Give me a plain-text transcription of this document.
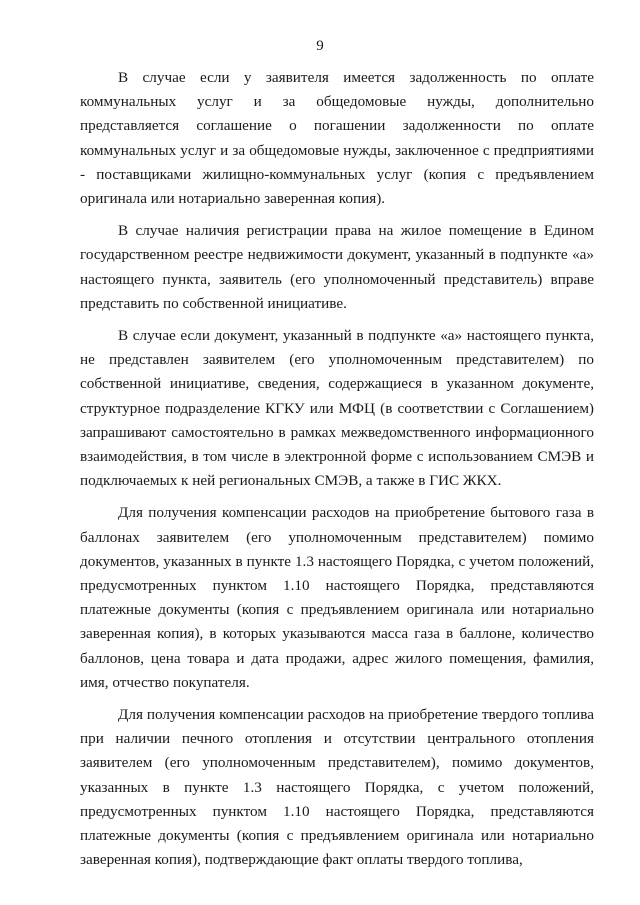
9

В случае если у заявителя имеется задолженность по оплате коммунальных услуг и за общедомовые нужды, дополнительно представляется соглашение о погашении задолженности по оплате коммунальных услуг и за общедомовые нужды, заключенное с предприятиями - поставщиками жилищно-коммунальных услуг (копия с предъявлением оригинала или нотариально заверенная копия).

В случае наличия регистрации права на жилое помещение в Едином государственном реестре недвижимости документ, указанный в подпункте «а» настоящего пункта, заявитель (его уполномоченный представитель) вправе представить по собственной инициативе.

В случае если документ, указанный в подпункте «а» настоящего пункта, не представлен заявителем (его уполномоченным представителем) по собственной инициативе, сведения, содержащиеся в указанном документе, структурное подразделение КГКУ или МФЦ (в соответствии с Соглашением) запрашивают самостоятельно в рамках межведомственного информационного взаимодействия, в том числе в электронной форме с использованием СМЭВ и подключаемых к ней региональных СМЭВ, а также в ГИС ЖКХ.

Для получения компенсации расходов на приобретение бытового газа в баллонах заявителем (его уполномоченным представителем) помимо документов, указанных в пункте 1.3 настоящего Порядка, с учетом положений, предусмотренных пунктом 1.10 настоящего Порядка, представляются платежные документы (копия с предъявлением оригинала или нотариально заверенная копия), в которых указываются масса газа в баллоне, количество баллонов, цена товара и дата продажи, адрес жилого помещения, фамилия, имя, отчество покупателя.

Для получения компенсации расходов на приобретение твердого топлива при наличии печного отопления и отсутствии центрального отопления заявителем (его уполномоченным представителем), помимо документов, указанных в пункте 1.3 настоящего Порядка, с учетом положений, предусмотренных пунктом 1.10 настоящего Порядка, представляются платежные документы (копия с предъявлением оригинала или нотариально заверенная копия), подтверждающие факт оплаты твердого топлива,
